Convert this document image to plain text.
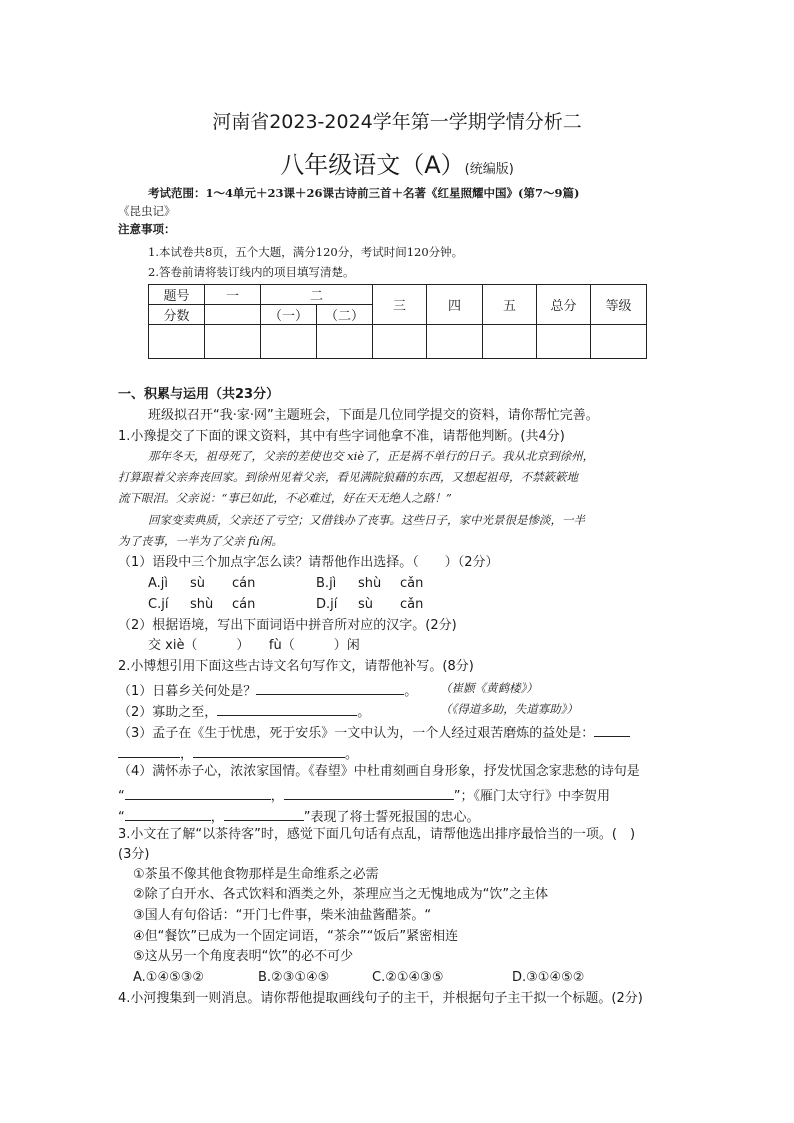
河南省2023-2024学年第一学期学情分析二
八年级语文（A）(统编版)
考试范围：1～4单元＋23课＋26课古诗前三首＋名著《红星照耀中国》(第7～9篇)
《昆虫记》
注意事项：
1.本试卷共8页，五个大题，满分120分，考试时间120分钟。
2.答卷前请将装订线内的项目填写清楚。
题号	一	二		三	四	五	总分	等级
分数		（一）	（二）					

一、积累与运用（共23分）
班级拟召开“我·家·网”主题班会，下面是几位同学提交的资料，请你帮忙完善。
1.小豫提交了下面的课文资料，其中有些字词他拿不准，请帮他判断。(共4分)
那年冬天，祖母死了，父亲的差使也交 xiè了，正是祸不单行的日子。我从北京到徐州，
打算跟着父亲奔丧回家。到徐州见着父亲，看见满院狼藉的东西，又想起祖母，不禁簌簌地
流下眼泪。父亲说：“事已如此，不必难过，好在天无绝人之路！”
回家变卖典质，父亲还了亏空；又借钱办了丧事。这些日子，家中光景很是惨淡，一半
为了丧事，一半为了父亲 fù闲。
（1）语段中三个加点字怎么读？请帮他作出选择。（　　）（2分）
A.jì sù cán	B.jì shù cǎn
C.jí shù cán	D.jí sù cǎn
（2）根据语境，写出下面词语中拼音所对应的汉字。(2分)
交 xiè（　　　）　　fù（　　　）闲
2.小博想引用下面这些古诗文名句写作文，请帮他补写。(8分)
（1）日暮乡关何处是？	。 （崔颢《黄鹤楼》）
（2）寡助之至，	。	（《得道多助，失道寡助》）
（3）孟子在《生于忧患，死于安乐》一文中认为，一个人经过艰苦磨炼的益处是：
，	。
（4）满怀赤子心，浓浓家国情。《春望》中杜甫刻画自身形象，抒发忧国念家悲愁的诗句是
“	，	”；《雁门太守行》中李贺用
“	，	”表现了将士誓死报国的忠心。
3.小文在了解“以茶待客”时，感觉下面几句话有点乱，请帮他选出排序最恰当的一项。(　)
(3分)
①茶虽不像其他食物那样是生命维系之必需
②除了白开水、各式饮料和酒类之外，茶理应当之无愧地成为“饮”之主体
③国人有句俗话：“开门七件事，柴米油盐酱醋茶。“
④但“餐饮”已成为一个固定词语，“茶余”“饭后”紧密相连
⑤这从另一个角度表明“饮”的必不可少
A.①④⑤③②	B.②③①④⑤	C.②①④③⑤	D.③①④⑤②
4.小河搜集到一则消息。请你帮他提取画线句子的主干，并根据句子主干拟一个标题。(2分)
